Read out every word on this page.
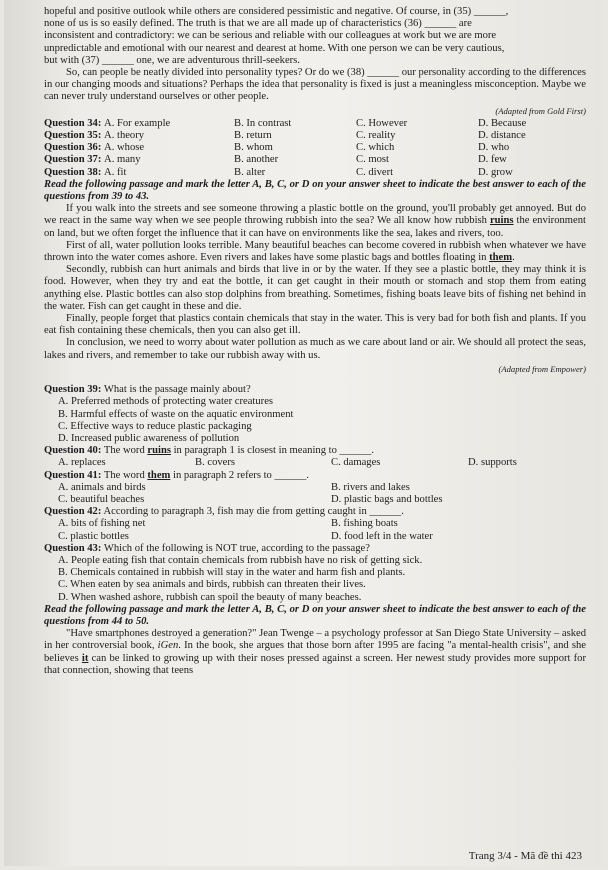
hopeful and positive outlook while others are considered pessimistic and negative. Of course, in (35) ______,

none of us is so easily defined. The truth is that we are all made up of characteristics (36) ______ are

inconsistent and contradictory: we can be serious and reliable with our colleagues at work but we are more

unpredictable and emotional with our nearest and dearest at home. With one person we can be very cautious,

but with (37) ______ one, we are adventurous thrill-seekers.

So, can people be neatly divided into personality types? Or do we (38) ______ our personality according to the differences in our changing moods and situations? Perhaps the idea that personality is fixed is just a meaningless misconception. Maybe we can never truly understand ourselves or other people.

(Adapted from Gold First)
Question 34: A. For example	B. In contrast	C. However	D. Because
Question 35: A. theory	B. return	C. reality	D. distance
Question 36: A. whose	B. whom	C. which	D. who
Question 37: A. many	B. another	C. most	D. few
Question 38: A. fit	B. alter	C. divert	D. grow

Read the following passage and mark the letter A, B, C, or D on your answer sheet to indicate the best answer to each of the questions from 39 to 43.

If you walk into the streets and see someone throwing a plastic bottle on the ground, you'll probably get annoyed. But do we react in the same way when we see people throwing rubbish into the sea? We all know how rubbish ruins the environment on land, but we often forget the influence that it can have on environments like the sea, lakes and rivers, too.

First of all, water pollution looks terrible. Many beautiful beaches can become covered in rubbish when whatever we have thrown into the water comes ashore. Even rivers and lakes have some plastic bags and bottles floating in them.

Secondly, rubbish can hurt animals and birds that live in or by the water. If they see a plastic bottle, they may think it is food. However, when they try and eat the bottle, it can get caught in their mouth or stomach and stop them from eating anything else. Plastic bottles can also stop dolphins from breathing. Sometimes, fishing boats leave bits of fishing net behind in the water. Fish can get caught in these and die.

Finally, people forget that plastics contain chemicals that stay in the water. This is very bad for both fish and plants. If you eat fish containing these chemicals, then you can also get ill.

In conclusion, we need to worry about water pollution as much as we care about land or air. We should all protect the seas, lakes and rivers, and remember to take our rubbish away with us.

(Adapted from Empower)
Question 39: What is the passage mainly about?
A. Preferred methods of protecting water creatures
B. Harmful effects of waste on the aquatic environment
C. Effective ways to reduce plastic packaging
D. Increased public awareness of pollution
Question 40: The word ruins in paragraph 1 is closest in meaning to ______.
A. replaces	B. covers	C. damages	D. supports
Question 41: The word them in paragraph 2 refers to ______.
A. animals and birds	B. rivers and lakes
C. beautiful beaches	D. plastic bags and bottles
Question 42: According to paragraph 3, fish may die from getting caught in ______.
A. bits of fishing net	B. fishing boats
C. plastic bottles	D. food left in the water
Question 43: Which of the following is NOT true, according to the passage?
A. People eating fish that contain chemicals from rubbish have no risk of getting sick.
B. Chemicals contained in rubbish will stay in the water and harm fish and plants.
C. When eaten by sea animals and birds, rubbish can threaten their lives.
D. When washed ashore, rubbish can spoil the beauty of many beaches.

Read the following passage and mark the letter A, B, C, or D on your answer sheet to indicate the best answer to each of the questions from 44 to 50.

"Have smartphones destroyed a generation?" Jean Twenge – a psychology professor at San Diego State University – asked in her controversial book, iGen. In the book, she argues that those born after 1995 are facing "a mental-health crisis", and she believes it can be linked to growing up with their noses pressed against a screen. Her newest study provides more support for that connection, showing that teens

Trang 3/4 - Mã đề thi 423
